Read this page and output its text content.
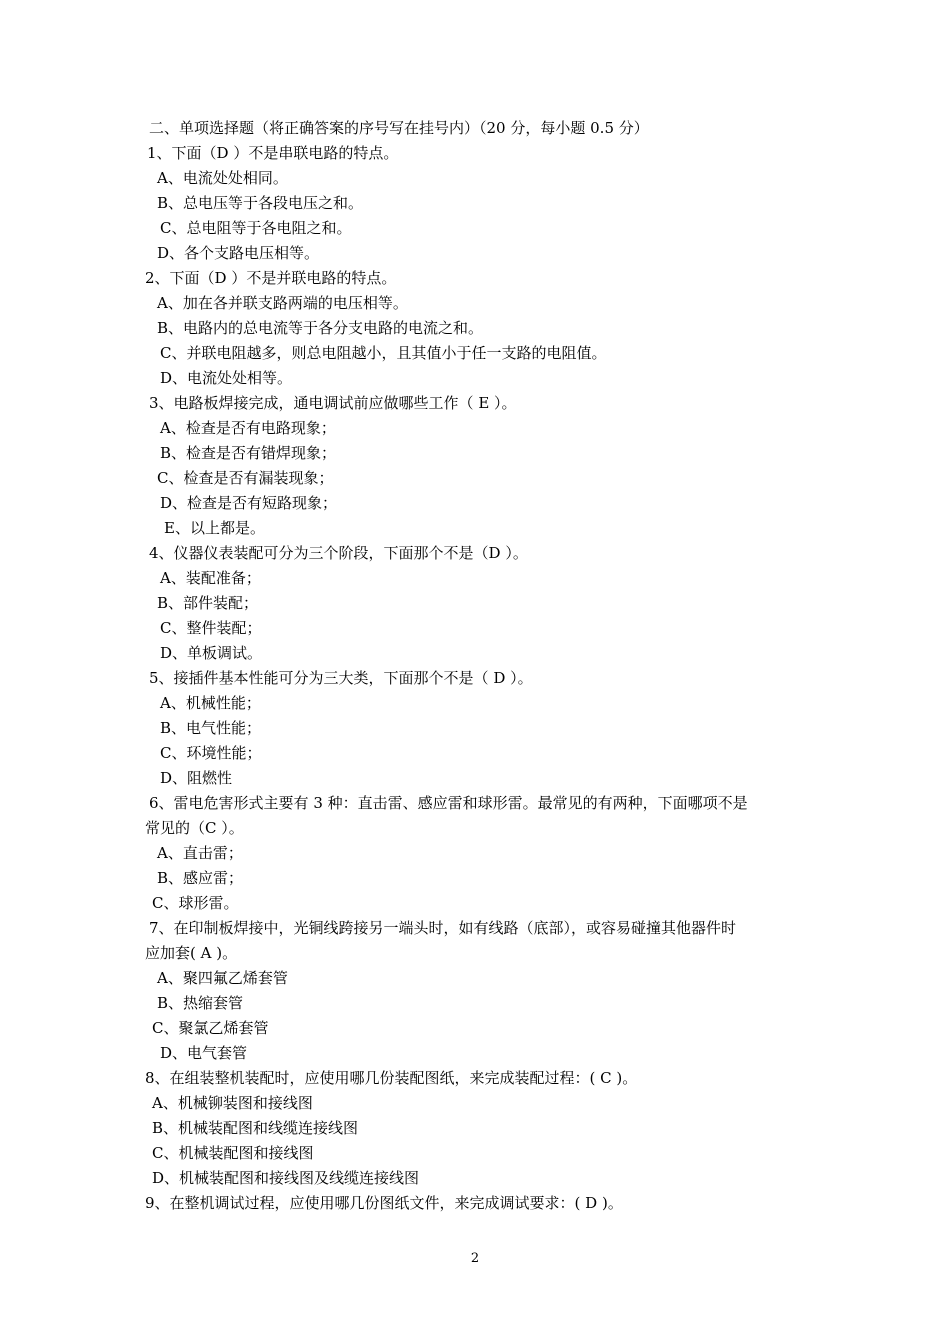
二、单项选择题（将正确答案的序号写在挂号内）（20 分，每小题 0.5 分）
1、下面（D ）不是串联电路的特点。
A、电流处处相同。
B、总电压等于各段电压之和。
C、总电阻等于各电阻之和。
D、各个支路电压相等。
2、下面（D ）不是并联电路的特点。
A、加在各并联支路两端的电压相等。
B、电路内的总电流等于各分支电路的电流之和。
C、并联电阻越多，则总电阻越小，且其值小于任一支路的电阻值。
D、电流处处相等。
3、电路板焊接完成，通电调试前应做哪些工作（ E ）。
A、检查是否有电路现象；
B、检查是否有错焊现象；
C、检查是否有漏装现象；
D、检查是否有短路现象；
E、以上都是。
4、仪器仪表装配可分为三个阶段，下面那个不是（D ）。
A、装配准备；
B、部件装配；
C、整件装配；
D、单板调试。
5、接插件基本性能可分为三大类，下面那个不是（ D ）。
A、机械性能；
B、电气性能；
C、环境性能；
D、阻燃性
6、雷电危害形式主要有 3 种：直击雷、感应雷和球形雷。最常见的有两种，下面哪项不是
常见的（C ）。
A、直击雷；
B、感应雷；
C、球形雷。
7、在印制板焊接中，光铜线跨接另一端头时，如有线路（底部），或容易碰撞其他器件时
应加套( A )。
A、聚四氟乙烯套管
B、热缩套管
C、聚氯乙烯套管
D、电气套管
8、在组装整机装配时，应使用哪几份装配图纸，来完成装配过程：( C )。
A、机械铆装图和接线图
B、机械装配图和线缆连接线图
C、机械装配图和接线图
D、机械装配图和接线图及线缆连接线图
9、在整机调试过程，应使用哪几份图纸文件，来完成调试要求：( D )。
2
